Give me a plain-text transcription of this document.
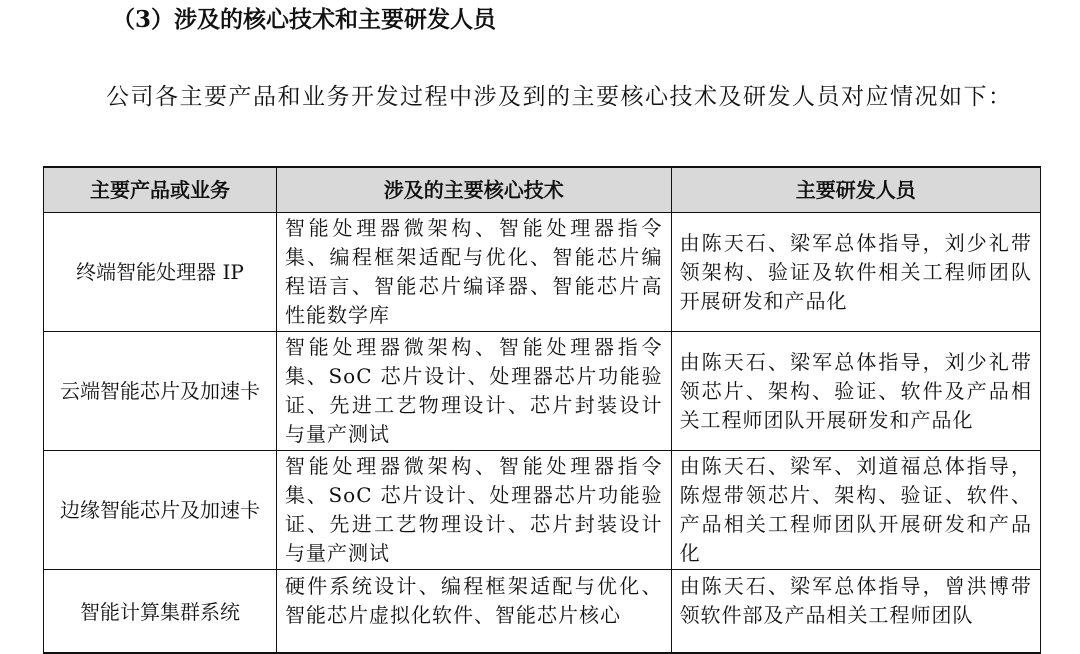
（3）涉及的核心技术和主要研发人员
公司各主要产品和业务开发过程中涉及到的主要核心技术及研发人员对应情况如下：
主要产品或业务	涉及的主要核心技术	主要研发人员
终端智能处理器 IP	智能处理器微架构、智能处理器指令集、编程框架适配与优化、智能芯片编程语言、智能芯片编译器、智能芯片高性能数学库	由陈天石、梁军总体指导，刘少礼带领架构、验证及软件相关工程师团队开展研发和产品化
云端智能芯片及加速卡	智能处理器微架构、智能处理器指令集、SoC 芯片设计、处理器芯片功能验证、先进工艺物理设计、芯片封装设计与量产测试	由陈天石、梁军总体指导，刘少礼带领芯片、架构、验证、软件及产品相关工程师团队开展研发和产品化
边缘智能芯片及加速卡	智能处理器微架构、智能处理器指令集、SoC 芯片设计、处理器芯片功能验证、先进工艺物理设计、芯片封装设计与量产测试	由陈天石、梁军、刘道福总体指导，陈煜带领芯片、架构、验证、软件、产品相关工程师团队开展研发和产品化
智能计算集群系统	硬件系统设计、编程框架适配与优化、智能芯片虚拟化软件、智能芯片核心	由陈天石、梁军总体指导，曾洪博带领软件部及产品相关工程师团队
